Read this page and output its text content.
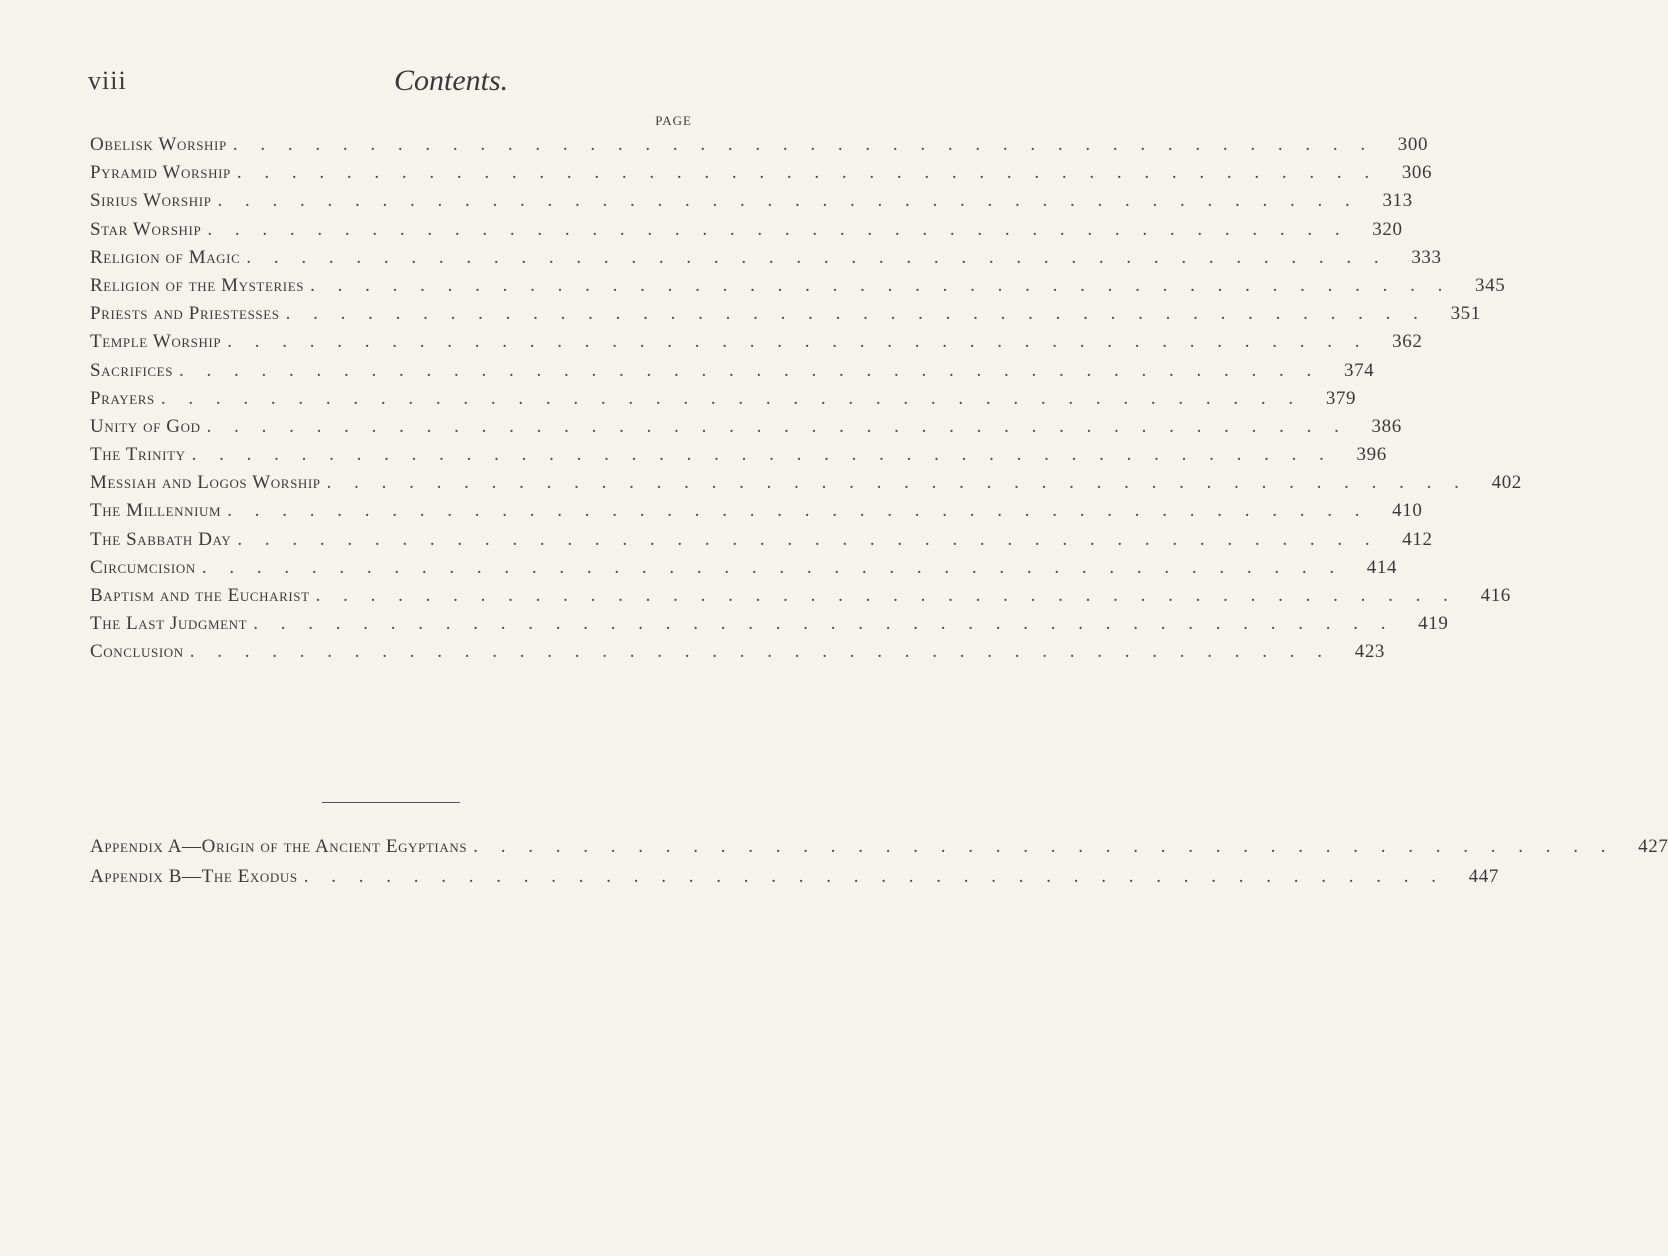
viii	Contents.
PAGE
Obelisk Worship . . . . . . . . . . . . . . . . . . . . . . . . . . . . . . . . . . . . . . . . . .	300
Pyramid Worship . . . . . . . . . . . . . . . . . . . . . . . . . . . . . . . . . . . . . . . . . .	306
Sirius Worship . . . . . . . . . . . . . . . . . . . . . . . . . . . . . . . . . . . . . . . . . .	313
Star Worship . . . . . . . . . . . . . . . . . . . . . . . . . . . . . . . . . . . . . . . . . .	320
Religion of Magic . . . . . . . . . . . . . . . . . . . . . . . . . . . . . . . . . . . . . . . . . .	333
Religion of the Mysteries . . . . . . . . . . . . . . . . . . . . . . . . . . . . . . . . . . . . . . . . . .	345
Priests and Priestesses . . . . . . . . . . . . . . . . . . . . . . . . . . . . . . . . . . . . . . . . . .	351
Temple Worship . . . . . . . . . . . . . . . . . . . . . . . . . . . . . . . . . . . . . . . . . .	362
Sacrifices . . . . . . . . . . . . . . . . . . . . . . . . . . . . . . . . . . . . . . . . . .	374
Prayers . . . . . . . . . . . . . . . . . . . . . . . . . . . . . . . . . . . . . . . . . .	379
Unity of God . . . . . . . . . . . . . . . . . . . . . . . . . . . . . . . . . . . . . . . . . .	386
The Trinity . . . . . . . . . . . . . . . . . . . . . . . . . . . . . . . . . . . . . . . . . .	396
Messiah and Logos Worship . . . . . . . . . . . . . . . . . . . . . . . . . . . . . . . . . . . . . . . . . .	402
The Millennium . . . . . . . . . . . . . . . . . . . . . . . . . . . . . . . . . . . . . . . . . .	410
The Sabbath Day . . . . . . . . . . . . . . . . . . . . . . . . . . . . . . . . . . . . . . . . . .	412
Circumcision . . . . . . . . . . . . . . . . . . . . . . . . . . . . . . . . . . . . . . . . . .	414
Baptism and the Eucharist . . . . . . . . . . . . . . . . . . . . . . . . . . . . . . . . . . . . . . . . . .	416
The Last Judgment . . . . . . . . . . . . . . . . . . . . . . . . . . . . . . . . . . . . . . . . . .	419
Conclusion . . . . . . . . . . . . . . . . . . . . . . . . . . . . . . . . . . . . . . . . . .	423
Appendix A—Origin of the Ancient Egyptians . . . . . . . . . . . . . . . . . . . . . . . . . . . . . . . . . . . . . . . . . .	427
Appendix B—The Exodus . . . . . . . . . . . . . . . . . . . . . . . . . . . . . . . . . . . . . . . . . .	447
